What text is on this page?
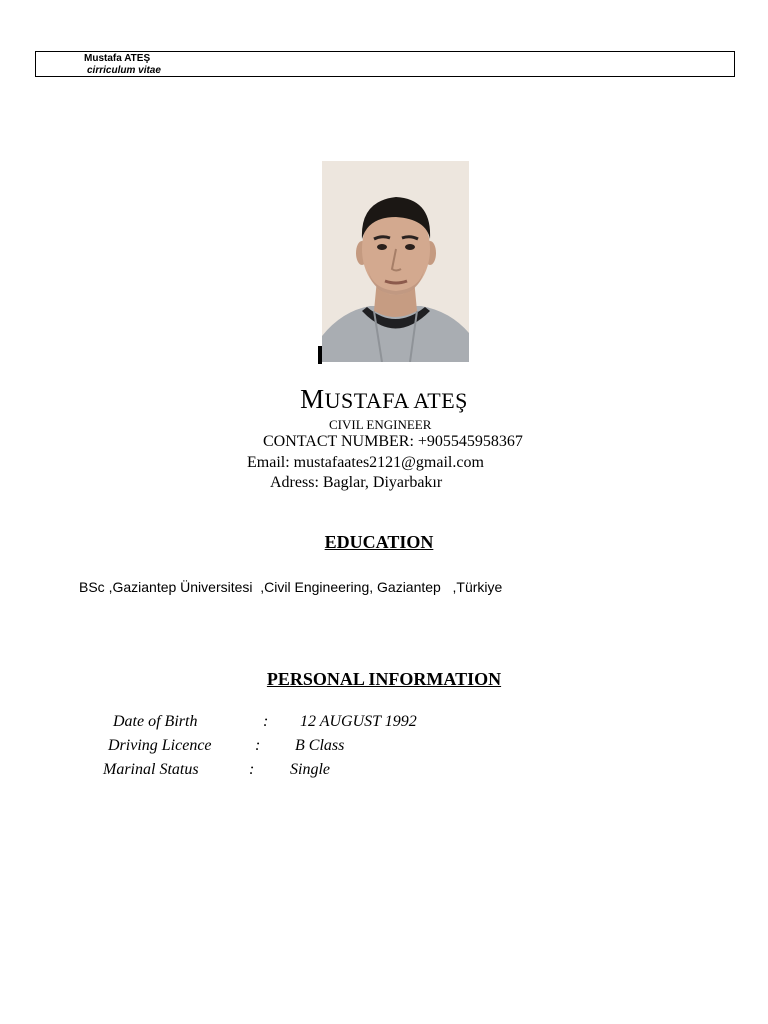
Mustafa ATEŞ
cirriculum vitae
MUSTAFA ATEŞ
CIVIL ENGINEER
CONTACT NUMBER: +905545958367
Email: mustafaates2121@gmail.com
Adress: Baglar, Diyarbakır
EDUCATION
BSc ,Gaziantep Üniversitesi  ,Civil Engineering, Gaziantep   ,Türkiye
PERSONAL INFORMATION
Date of Birth	: 12 AUGUST 1992
Driving Licence	: B Class
Marinal Status	: Single
